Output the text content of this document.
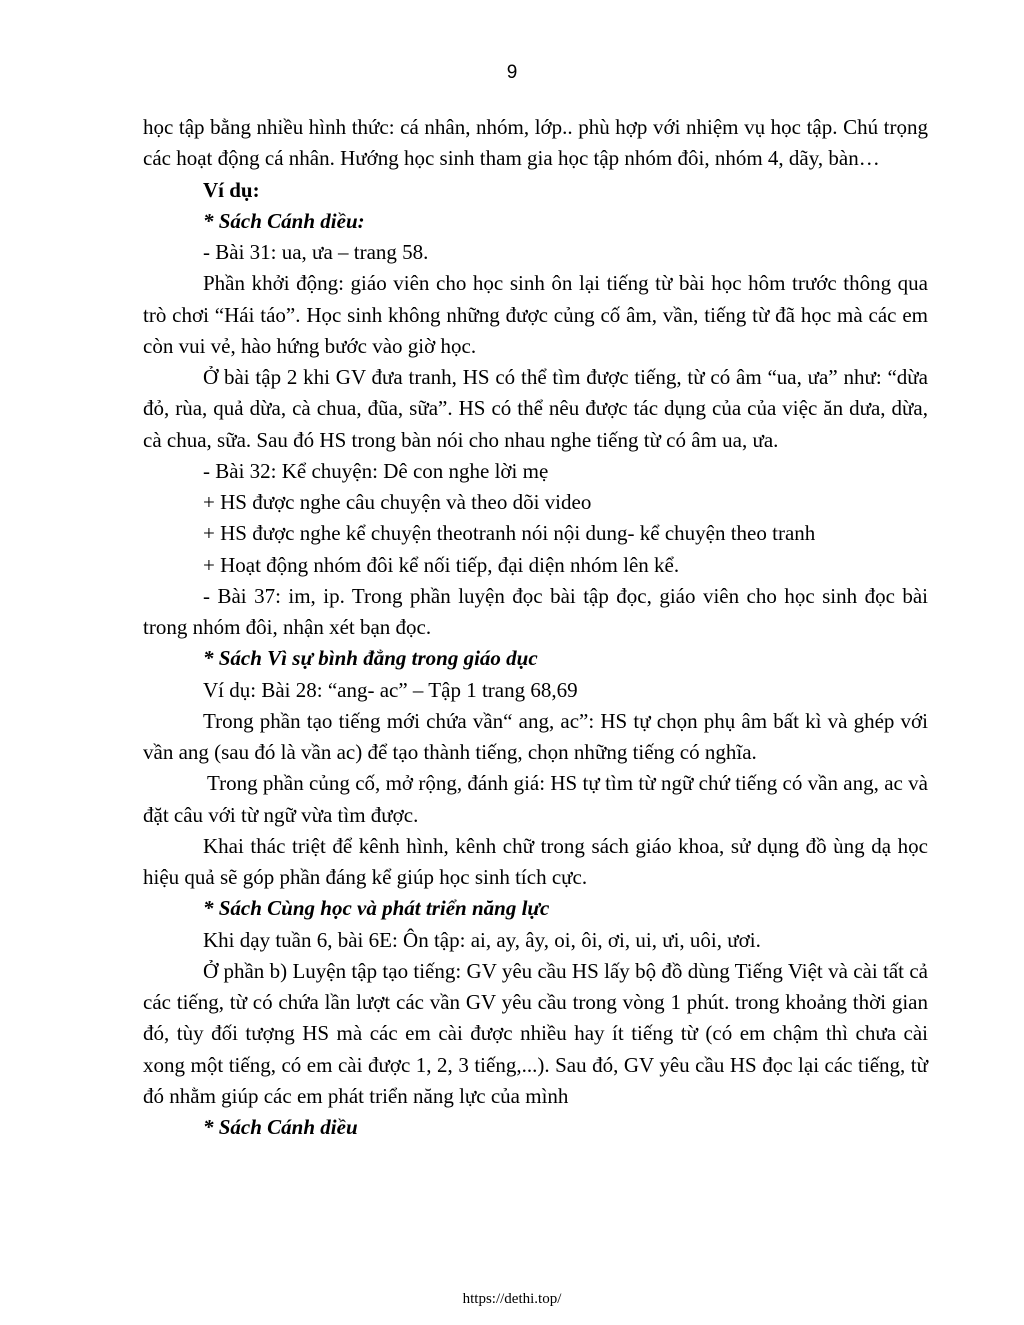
9

học tập bằng nhiều hình thức: cá nhân, nhóm, lớp.. phù hợp với nhiệm vụ học tập. Chú trọng các hoạt động cá nhân. Hướng học sinh tham gia học tập nhóm đôi, nhóm 4, dãy, bàn…

Ví dụ:

* Sách Cánh diều:

- Bài 31: ua, ưa – trang 58.

Phần khởi động: giáo viên cho học sinh ôn lại tiếng từ bài học hôm trước thông qua trò chơi “Hái táo”. Học sinh không những được củng cố âm, vần, tiếng từ đã học mà các em còn vui vẻ, hào hứng bước vào giờ học.

Ở bài tập 2 khi GV đưa tranh, HS có thể tìm được tiếng, từ có âm “ua, ưa” như: “dừa đỏ, rùa, quả dừa, cà chua, đũa, sữa”. HS có thể nêu được tác dụng của của việc ăn dưa, dừa, cà chua, sữa. Sau đó HS trong bàn nói cho nhau nghe tiếng từ có âm ua, ưa.

- Bài 32: Kể chuyện: Dê con nghe lời mẹ

+ HS được nghe câu chuyện và theo dõi video

+ HS được nghe kể chuyện theotranh nói nội dung- kể chuyện theo tranh

+ Hoạt động nhóm đôi kể nối tiếp, đại diện nhóm lên kể.

- Bài 37: im, ip. Trong phần luyện đọc bài tập đọc, giáo viên cho học sinh đọc bài trong nhóm đôi, nhận xét bạn đọc.

* Sách Vì sự bình đẳng trong giáo dục

Ví dụ: Bài 28: “ang- ac” – Tập 1 trang 68,69

Trong phần tạo tiếng mới chứa vần“ ang, ac”: HS tự chọn phụ âm bất kì và ghép với vần ang (sau đó là vần ac) để tạo thành tiếng, chọn những tiếng có nghĩa.

Trong phần củng cố, mở rộng, đánh giá: HS tự tìm từ ngữ chứ tiếng có vần ang, ac và đặt câu với từ ngữ vừa tìm được.

Khai thác triệt để kênh hình, kênh chữ trong sách giáo khoa, sử dụng đồ ùng dạ học hiệu quả sẽ góp phần đáng kể giúp học sinh tích cực.

* Sách Cùng học và phát triển năng lực

Khi dạy tuần 6, bài 6E: Ôn tập: ai, ay, ây, oi, ôi, ơi, ui, ưi, uôi, ươi.

Ở phần b) Luyện tập tạo tiếng: GV yêu cầu HS lấy bộ đồ dùng Tiếng Việt và cài tất cả các tiếng, từ có chứa lần lượt các vần GV yêu cầu trong vòng 1 phút. trong khoảng thời gian đó, tùy đối tượng HS mà các em cài được nhiều hay ít tiếng từ (có em chậm thì chưa cài xong một tiếng, có em cài được 1, 2, 3 tiếng,...). Sau đó, GV yêu cầu HS đọc lại các tiếng, từ đó nhằm giúp các em phát triển năng lực của mình

* Sách Cánh diều

https://dethi.top/
